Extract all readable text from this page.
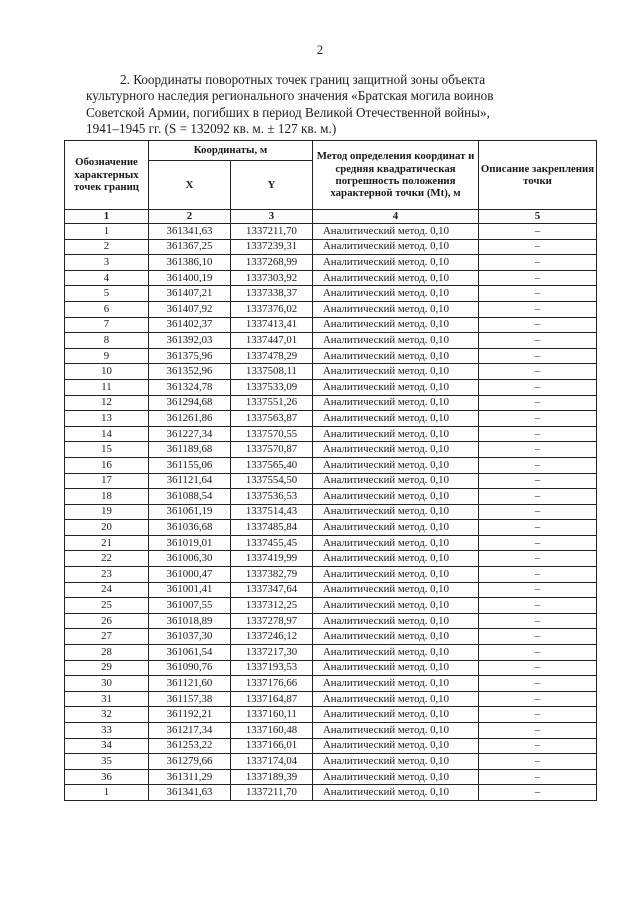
2
2. Координаты поворотных точек границ защитной зоны объекта
культурного наследия регионального значения «Братская могила воинов
Советской Армии, погибших в период Великой Отечественной войны»,
1941–1945 гг. (S = 132092 кв. м. ± 127 кв. м.)
Обозначение характерных точек границ	Координаты, м		Метод определения координат и средняя квадратическая погрешность положения характерной точки (Mt), м	Описание закрепления точки
	X	Y		
1	2	3	4	5
1	361341,63	1337211,70	Аналитический метод. 0,10	–
2	361367,25	1337239,31	Аналитический метод. 0,10	–
3	361386,10	1337268,99	Аналитический метод. 0,10	–
4	361400,19	1337303,92	Аналитический метод. 0,10	–
5	361407,21	1337338,37	Аналитический метод. 0,10	–
6	361407,92	1337376,02	Аналитический метод. 0,10	–
7	361402,37	1337413,41	Аналитический метод. 0,10	–
8	361392,03	1337447,01	Аналитический метод. 0,10	–
9	361375,96	1337478,29	Аналитический метод. 0,10	–
10	361352,96	1337508,11	Аналитический метод. 0,10	–
11	361324,78	1337533,09	Аналитический метод. 0,10	–
12	361294,68	1337551,26	Аналитический метод. 0,10	–
13	361261,86	1337563,87	Аналитический метод. 0,10	–
14	361227,34	1337570,55	Аналитический метод. 0,10	–
15	361189,68	1337570,87	Аналитический метод. 0,10	–
16	361155,06	1337565,40	Аналитический метод. 0,10	–
17	361121,64	1337554,50	Аналитический метод. 0,10	–
18	361088,54	1337536,53	Аналитический метод. 0,10	–
19	361061,19	1337514,43	Аналитический метод. 0,10	–
20	361036,68	1337485,84	Аналитический метод. 0,10	–
21	361019,01	1337455,45	Аналитический метод. 0,10	–
22	361006,30	1337419,99	Аналитический метод. 0,10	–
23	361000,47	1337382,79	Аналитический метод. 0,10	–
24	361001,41	1337347,64	Аналитический метод. 0,10	–
25	361007,55	1337312,25	Аналитический метод. 0,10	–
26	361018,89	1337278,97	Аналитический метод. 0,10	–
27	361037,30	1337246,12	Аналитический метод. 0,10	–
28	361061,54	1337217,30	Аналитический метод. 0,10	–
29	361090,76	1337193,53	Аналитический метод. 0,10	–
30	361121,60	1337176,66	Аналитический метод. 0,10	–
31	361157,38	1337164,87	Аналитический метод. 0,10	–
32	361192,21	1337160,11	Аналитический метод. 0,10	–
33	361217,34	1337160,48	Аналитический метод. 0,10	–
34	361253,22	1337166,01	Аналитический метод. 0,10	–
35	361279,66	1337174,04	Аналитический метод. 0,10	–
36	361311,29	1337189,39	Аналитический метод. 0,10	–
1	361341,63	1337211,70	Аналитический метод. 0,10	–
